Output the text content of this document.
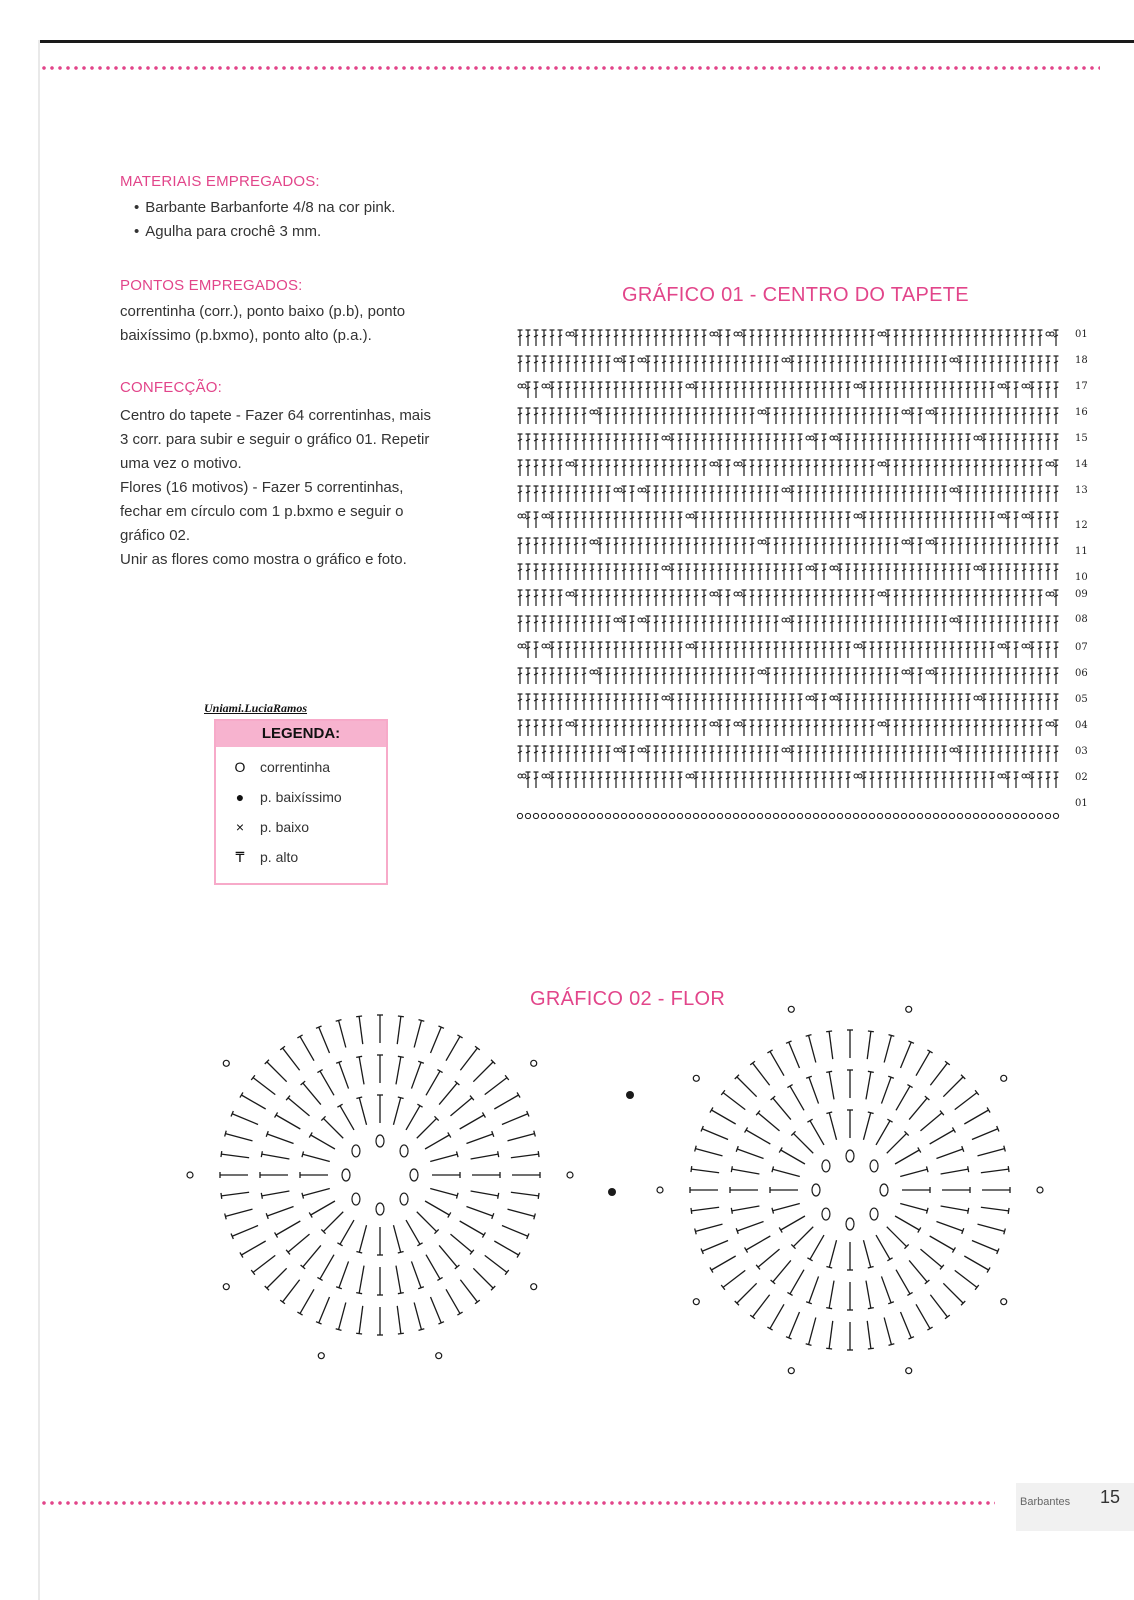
MATERIAIS EMPREGADOS:
• Barbante Barbanforte 4/8 na cor pink.
• Agulha para crochê 3 mm.
PONTOS EMPREGADOS:
correntinha (corr.), ponto baixo (p.b), ponto
baixíssimo (p.bxmo), ponto alto (p.a.).
CONFECÇÃO:
Centro do tapete - Fazer 64 correntinhas, mais
3 corr. para subir e seguir o gráfico 01. Repetir
uma vez o motivo.
Flores (16 motivos) - Fazer 5 correntinhas,
fechar em círculo com 1 p.bxmo e seguir o
gráfico 02.
Unir as flores como mostra o gráfico e foto.
GRÁFICO 01 - CENTRO DO TAPETE
01
18
17
16
15
14
13
12
11
10
09
08
07
06
05
04
03
02
01
Uniami.LuciaRamos
LEGENDA:
O correntinha
● p. baixíssimo
× p. baixo
₸ p. alto
GRÁFICO 02 - FLOR
Barbantes 15
